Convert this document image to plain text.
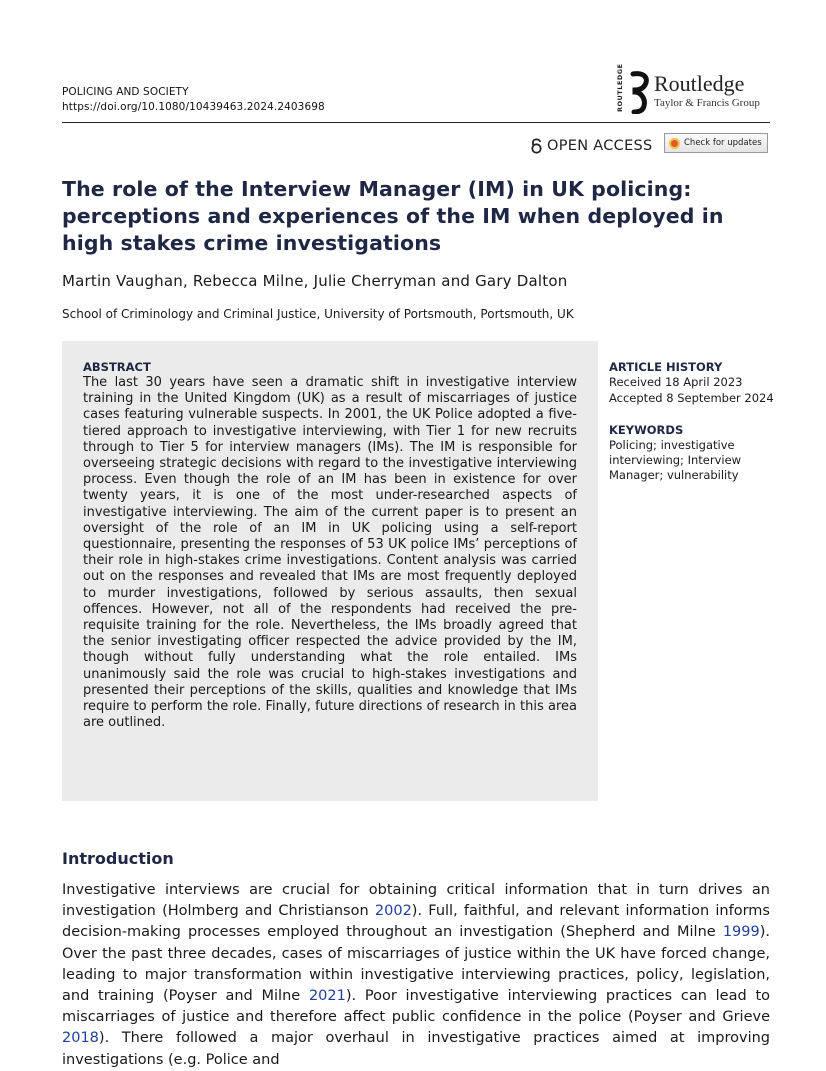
POLICING AND SOCIETY
https://doi.org/10.1080/10439463.2024.2403698	ROUTLEDGE Routledge
Taylor & Francis Group
OPEN ACCESS	Check for updates
The role of the Interview Manager (IM) in UK policing: perceptions and experiences of the IM when deployed in high stakes crime investigations
Martin Vaughan, Rebecca Milne, Julie Cherryman and Gary Dalton
School of Criminology and Criminal Justice, University of Portsmouth, Portsmouth, UK
ABSTRACT
The last 30 years have seen a dramatic shift in investigative interview training in the United Kingdom (UK) as a result of miscarriages of justice cases featuring vulnerable suspects. In 2001, the UK Police adopted a five-tiered approach to investigative interviewing, with Tier 1 for new recruits through to Tier 5 for interview managers (IMs). The IM is responsible for overseeing strategic decisions with regard to the investigative interviewing process. Even though the role of an IM has been in existence for over twenty years, it is one of the most under-researched aspects of investigative interviewing. The aim of the current paper is to present an oversight of the role of an IM in UK policing using a self-report questionnaire, presenting the responses of 53 UK police IMs’ perceptions of their role in high-stakes crime investigations. Content analysis was carried out on the responses and revealed that IMs are most frequently deployed to murder investigations, followed by serious assaults, then sexual offences. However, not all of the respondents had received the pre-requisite training for the role. Nevertheless, the IMs broadly agreed that the senior investigating officer respected the advice provided by the IM, though without fully understanding what the role entailed. IMs unanimously said the role was crucial to high-stakes investigations and presented their perceptions of the skills, qualities and knowledge that IMs require to perform the role. Finally, future directions of research in this area are outlined.
ARTICLE HISTORY
Received 18 April 2023
Accepted 8 September 2024
KEYWORDS
Policing; investigative interviewing; Interview Manager; vulnerability
Introduction
Investigative interviews are crucial for obtaining critical information that in turn drives an investigation (Holmberg and Christianson 2002). Full, faithful, and relevant information informs decision-making processes employed throughout an investigation (Shepherd and Milne 1999). Over the past three decades, cases of miscarriages of justice within the UK have forced change, leading to major transformation within investigative interviewing practices, policy, legislation, and training (Poyser and Milne 2021). Poor investigative interviewing practices can lead to miscarriages of justice and therefore affect public confidence in the police (Poyser and Grieve 2018). There followed a major overhaul in investigative practices aimed at improving investigations (e.g. Police and
